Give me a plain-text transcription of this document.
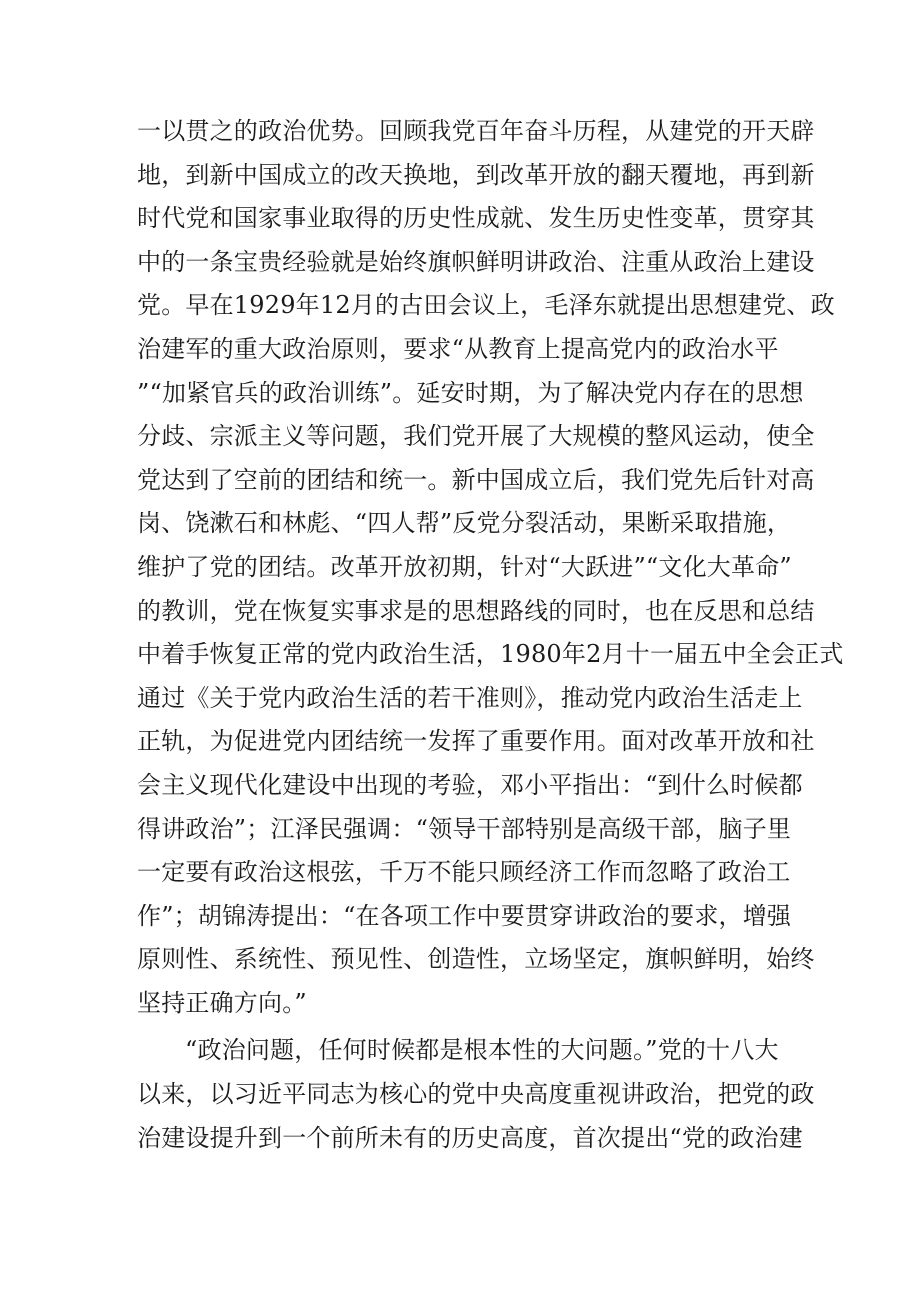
一以贯之的政治优势。回顾我党百年奋斗历程，从建党的开天辟
地，到新中国成立的改天换地，到改革开放的翻天覆地，再到新
时代党和国家事业取得的历史性成就、发生历史性变革，贯穿其
中的一条宝贵经验就是始终旗帜鲜明讲政治、注重从政治上建设
党。早在1929年12月的古田会议上，毛泽东就提出思想建党、政
治建军的重大政治原则，要求“从教育上提高党内的政治水平
”“加紧官兵的政治训练”。延安时期，为了解决党内存在的思想
分歧、宗派主义等问题，我们党开展了大规模的整风运动，使全
党达到了空前的团结和统一。新中国成立后，我们党先后针对高
岗、饶漱石和林彪、“四人帮”反党分裂活动，果断采取措施，
维护了党的团结。改革开放初期，针对“大跃进”“文化大革命”
的教训，党在恢复实事求是的思想路线的同时，也在反思和总结
中着手恢复正常的党内政治生活，1980年2月十一届五中全会正式
通过《关于党内政治生活的若干准则》，推动党内政治生活走上
正轨，为促进党内团结统一发挥了重要作用。面对改革开放和社
会主义现代化建设中出现的考验，邓小平指出：“到什么时候都
得讲政治”；江泽民强调：“领导干部特别是高级干部，脑子里
一定要有政治这根弦，千万不能只顾经济工作而忽略了政治工
作”；胡锦涛提出：“在各项工作中要贯穿讲政治的要求，增强
原则性、系统性、预见性、创造性，立场坚定，旗帜鲜明，始终
坚持正确方向。”
“政治问题，任何时候都是根本性的大问题。”党的十八大
以来，以习近平同志为核心的党中央高度重视讲政治，把党的政
治建设提升到一个前所未有的历史高度，首次提出“党的政治建
